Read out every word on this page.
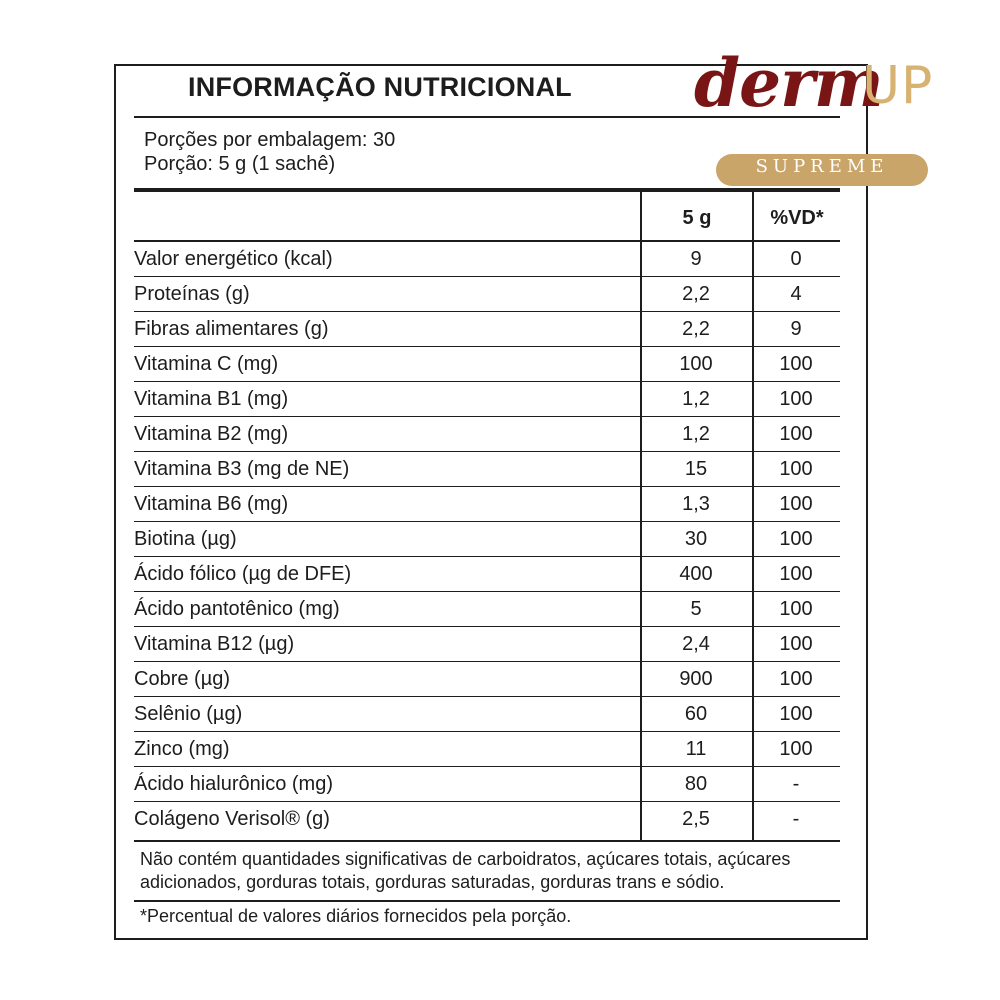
INFORMAÇÃO NUTRICIONAL
Porções por embalagem: 30
Porção: 5 g (1 sachê)
5 g	%VD*
Valor energético (kcal)	9	0
Proteínas (g)	2,2	4
Fibras alimentares (g)	2,2	9
Vitamina C (mg)	100	100
Vitamina B1 (mg)	1,2	100
Vitamina B2 (mg)	1,2	100
Vitamina B3 (mg de NE)	15	100
Vitamina B6 (mg)	1,3	100
Biotina (µg)	30	100
Ácido fólico (µg de DFE)	400	100
Ácido pantotênico (mg)	5	100
Vitamina B12 (µg)	2,4	100
Cobre (µg)	900	100
Selênio (µg)	60	100
Zinco (mg)	11	100
Ácido hialurônico (mg)	80	-
Colágeno Verisol® (g)	2,5	-
Não contém quantidades significativas de carboidratos, açúcares totais, açúcares
adicionados, gorduras totais, gorduras saturadas, gorduras trans e sódio.
*Percentual de valores diários fornecidos pela porção.
derm
UP
SUPREME
